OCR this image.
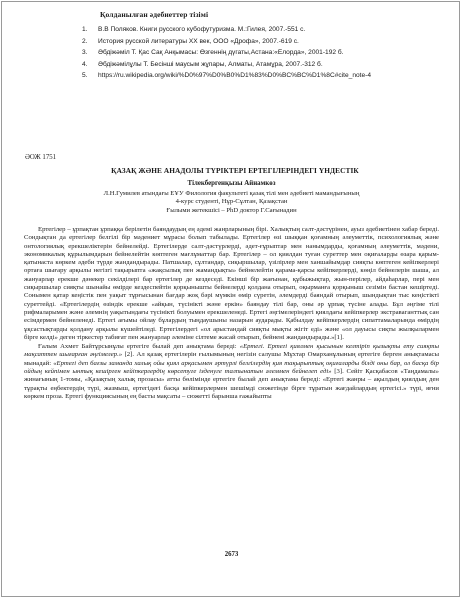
Қолданылған әдебиеттер тізімі
1. В.В Поляков. Книги русского кубофутуризма. М.:Гилея, 2007.-551 с.
2. История русской литературы ХХ век, ООО «Дрофа», 2007.-619 с.
3. Әбдіжәміл Т. Қас Сақ Анқымасы: Өзгеннің дүгаты,Астана:«Елорда», 2001-192 б.
4. Әбдіжәмілұлы Т. Бесінші маусым жұпары, Алматы, Атамұра, 2007.-312 б.
5. https://ru.wikipedia.org/wiki/%D0%97%D0%B0%D1%83%D0%BC%BC%D1%8C#cite_note-4
ӘОЖ 1751
ҚАЗАҚ ЖӘНЕ АНАДОЛЫ ТҮРІКТЕРІ ЕРТЕГІЛЕРІНДЕГІ ҮНДЕСТІК
Тілекбергенқызы Айнамкөз
Л.Н.Гумилев атындағы ЕҰУ Филология факультеті қазақ тілі мен әдебиеті мамандығының
4-курс студенті, Нұр-Сұлтан, Қазақстан
Ғылыми жетекшісі – PhD доктор Г.Сағынадин

Ертегілер – ұрпақтан ұрпаққа берілетін баяндаудың ең әдемі жанрларының бірі. Халықтың салт-дәстүрінен, ауыз әдебиетінен хабар береді. Сондықтан да ертегілер белгілі бір мәдениет мұрасы болып табылады. Ертегілер өзі шыққан қоғамның әлеуметтік, психологиялық және онтологиялық ерекшеліктерін бейнелейді. Ертегілерде салт-дәстүрлерді, әдет-ғұрыптар мен нанымдарды, қоғамның әлеуметтік, мәдени, экономикалық құрылымдарын бейнелейтін көптеген мағлұматтар бар. Ертегілер – ол қиялдан туған суреттер мен оқиғаларды өзара қарым-қатынаста көркем әдеби түрде жандандырады. Патшалар, сұлтандар, сиқыршылар, үзілірлер мен ханшайымдар сияқты көптеген кейіпкерлері ортаға шығару арқылы негізгі тақырыпта «жақсылық пен жамандықты» бейнелейтін қарама-қарсы кейіпкерлерді, көңіл бейнелерін шаша, ал жануарлар ерекше дәнекер секілділері бар ертегілер де кездеседі. Екінші бір жағынан, құбыжықтар, жын-перілер, айдаһарлар, пері мен сиқыршылар сияқты шынайы өмірде кездеспейтін қорқынышты бейнелерді қолдана отырып, оқырманға қорқыныш сезімін бастан кешіртеді. Сонымен қатар кеңістік пен уақыт тұрғысынан бағдар жоқ бәрі мүмкін өмір сүретін, әлемдерді баяндай отырып, шындықтан тыс кеңістікті суреттейді. «Ертегілердің өзіндік ерекше «айқын, түсінікті және еркін» баяндау тілі бар, оны әр ұрпақ түсіне алады. Бұл әңгіме тілі рифмаларымен және әлемнің уақытындағы түсінікті болуымен ерекшеленеді. Ертегі әңгімелеріндегі қиялдағы кейіпкерлер экстраваганттық сан есімдермен бейнеленеді. Ертегі ағымы ойлау бұлардың тыңдаушыны назарын аударады. Қабылдау кейіпкерлердің сипаттамаларында өмірдің ұқсастықтарды қолдану арқылы күшейтіледі. Ертегілердегі «ол арыстандай сияқты мықты жігіт еді» және «ол дауысы сиқты жылқылармен бірге келді» деген тіркестер табиғат пен жануарлар әлеміне сілтеме жасай отырып, бейнені жандандырады.»[1].

Ғалым Ахмет Байтұрсынұлы ертегіге былай деп анықтама береді: «Ертегі. Ертегі қиялмен қысынын келтіріп қызықты ету сияқты мақсаттен шығарған әңгімелер.» [2]. Ал қазақ ертегілерін ғылымының негізін салушы Мұхтар Омарханұлының ертегіге берген анықтамасы мынадай: «Ертегі деп бағзы заманда халық ойы қиял арқасымен әртүрлі белгілердің қия тақырыптық оқиғаларды білді оны бар, ол басқа бір ойдың кейпімен ынтық кешірген кейіпкерлердің көрсетуге ізденуге талпынатын әлеммен бейнелеп еді» [3]. Сейіт Қасқабасов «Таңдамалы» жинағының 1-томы, «Қазақтың халық прозасы» атты бөлімінде ертегіге былай деп анықтама береді: «Ертегі жанры – ақылдың қиялдың ден тұрақты еңбектердің түрі, жазмыш, ертегідеғі басқа кейіпкерлермен шешімді сюжетінде бірге тұратын жағдайлардың ертегісі.» түрі, яғни көркем проза. Ертегі функциясының ең басты мақсаты – сюжетті барынша ғажайыпты

2673
